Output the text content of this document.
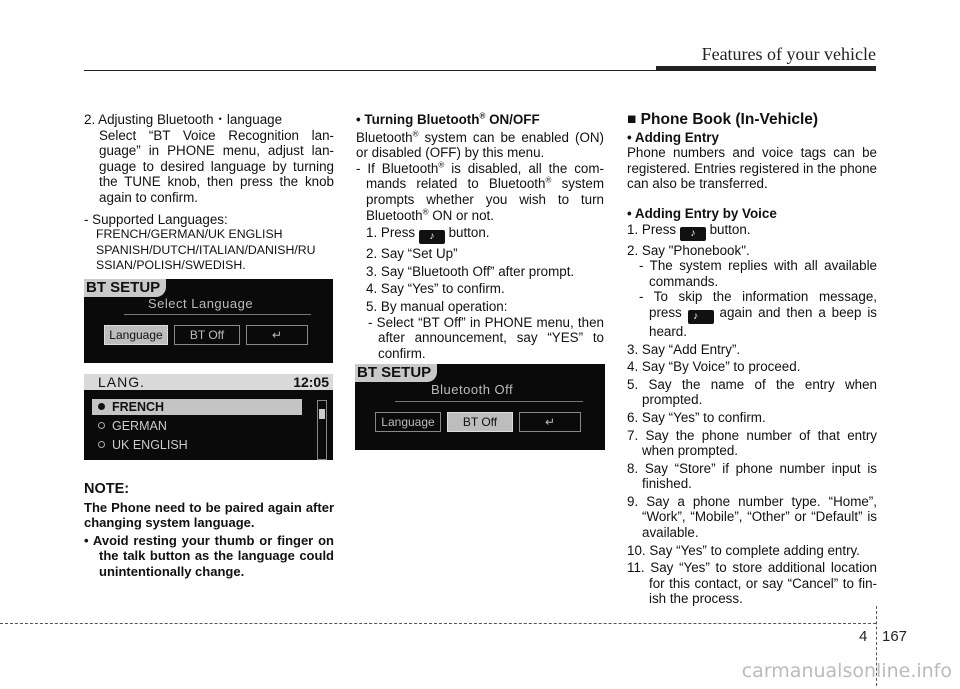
Features of your vehicle

2. Adjusting Bluetooth・language

Select “BT Voice Recognition lan-guage” in PHONE menu, adjust lan-guage to desired language by turning the TUNE knob, then press the knob again to confirm.

- Supported Languages:

FRENCH/GERMAN/UK ENGLISH

SPANISH/DUTCH/ITALIAN/DANISH/RU SSIAN/POLISH/SWEDISH.

BT SETUP
Select Language
Language	BT Off	↵
LANG.	12:05
FRENCH
GERMAN
UK ENGLISH

NOTE:

The Phone need to be paired again after changing system language.

• Avoid resting your thumb or finger on the talk button as the language could unintentionally change.

• Turning Bluetooth® ON/OFF

Bluetooth® system can be enabled (ON) or disabled (OFF) by this menu.

- If Bluetooth® is disabled, all the com-mands related to Bluetooth® system prompts whether you wish to turn Bluetooth® ON or not.

1. Press ♪ button.

2. Say “Set Up”

3. Say “Bluetooth Off” after prompt.

4. Say “Yes” to confirm.

5. By manual operation:

- Select “BT Off” in PHONE menu, then after announcement, say “YES” to confirm.

BT SETUP
Bluetooth Off
Language	BT Off	↵

■ Phone Book (In-Vehicle)

• Adding Entry

Phone numbers and voice tags can be registered. Entries registered in the phone can also be transferred.

• Adding Entry by Voice

1. Press ♪ button.

2. Say "Phonebook".

- The system replies with all available commands.

- To skip the information message, press ♪ again and then a beep is heard.

3. Say “Add Entry”.

4. Say “By Voice” to proceed.

5. Say the name of the entry when prompted.

6. Say “Yes” to confirm.

7. Say the phone number of that entry when prompted.

8. Say “Store” if phone number input is finished.

9. Say a phone number type. “Home”, “Work”, “Mobile”, “Other” or “Default” is available.

10. Say “Yes” to complete adding entry.

11. Say “Yes” to store additional location for this contact, or say “Cancel” to fin-ish the process.

4 167
carmanualsonline.info
